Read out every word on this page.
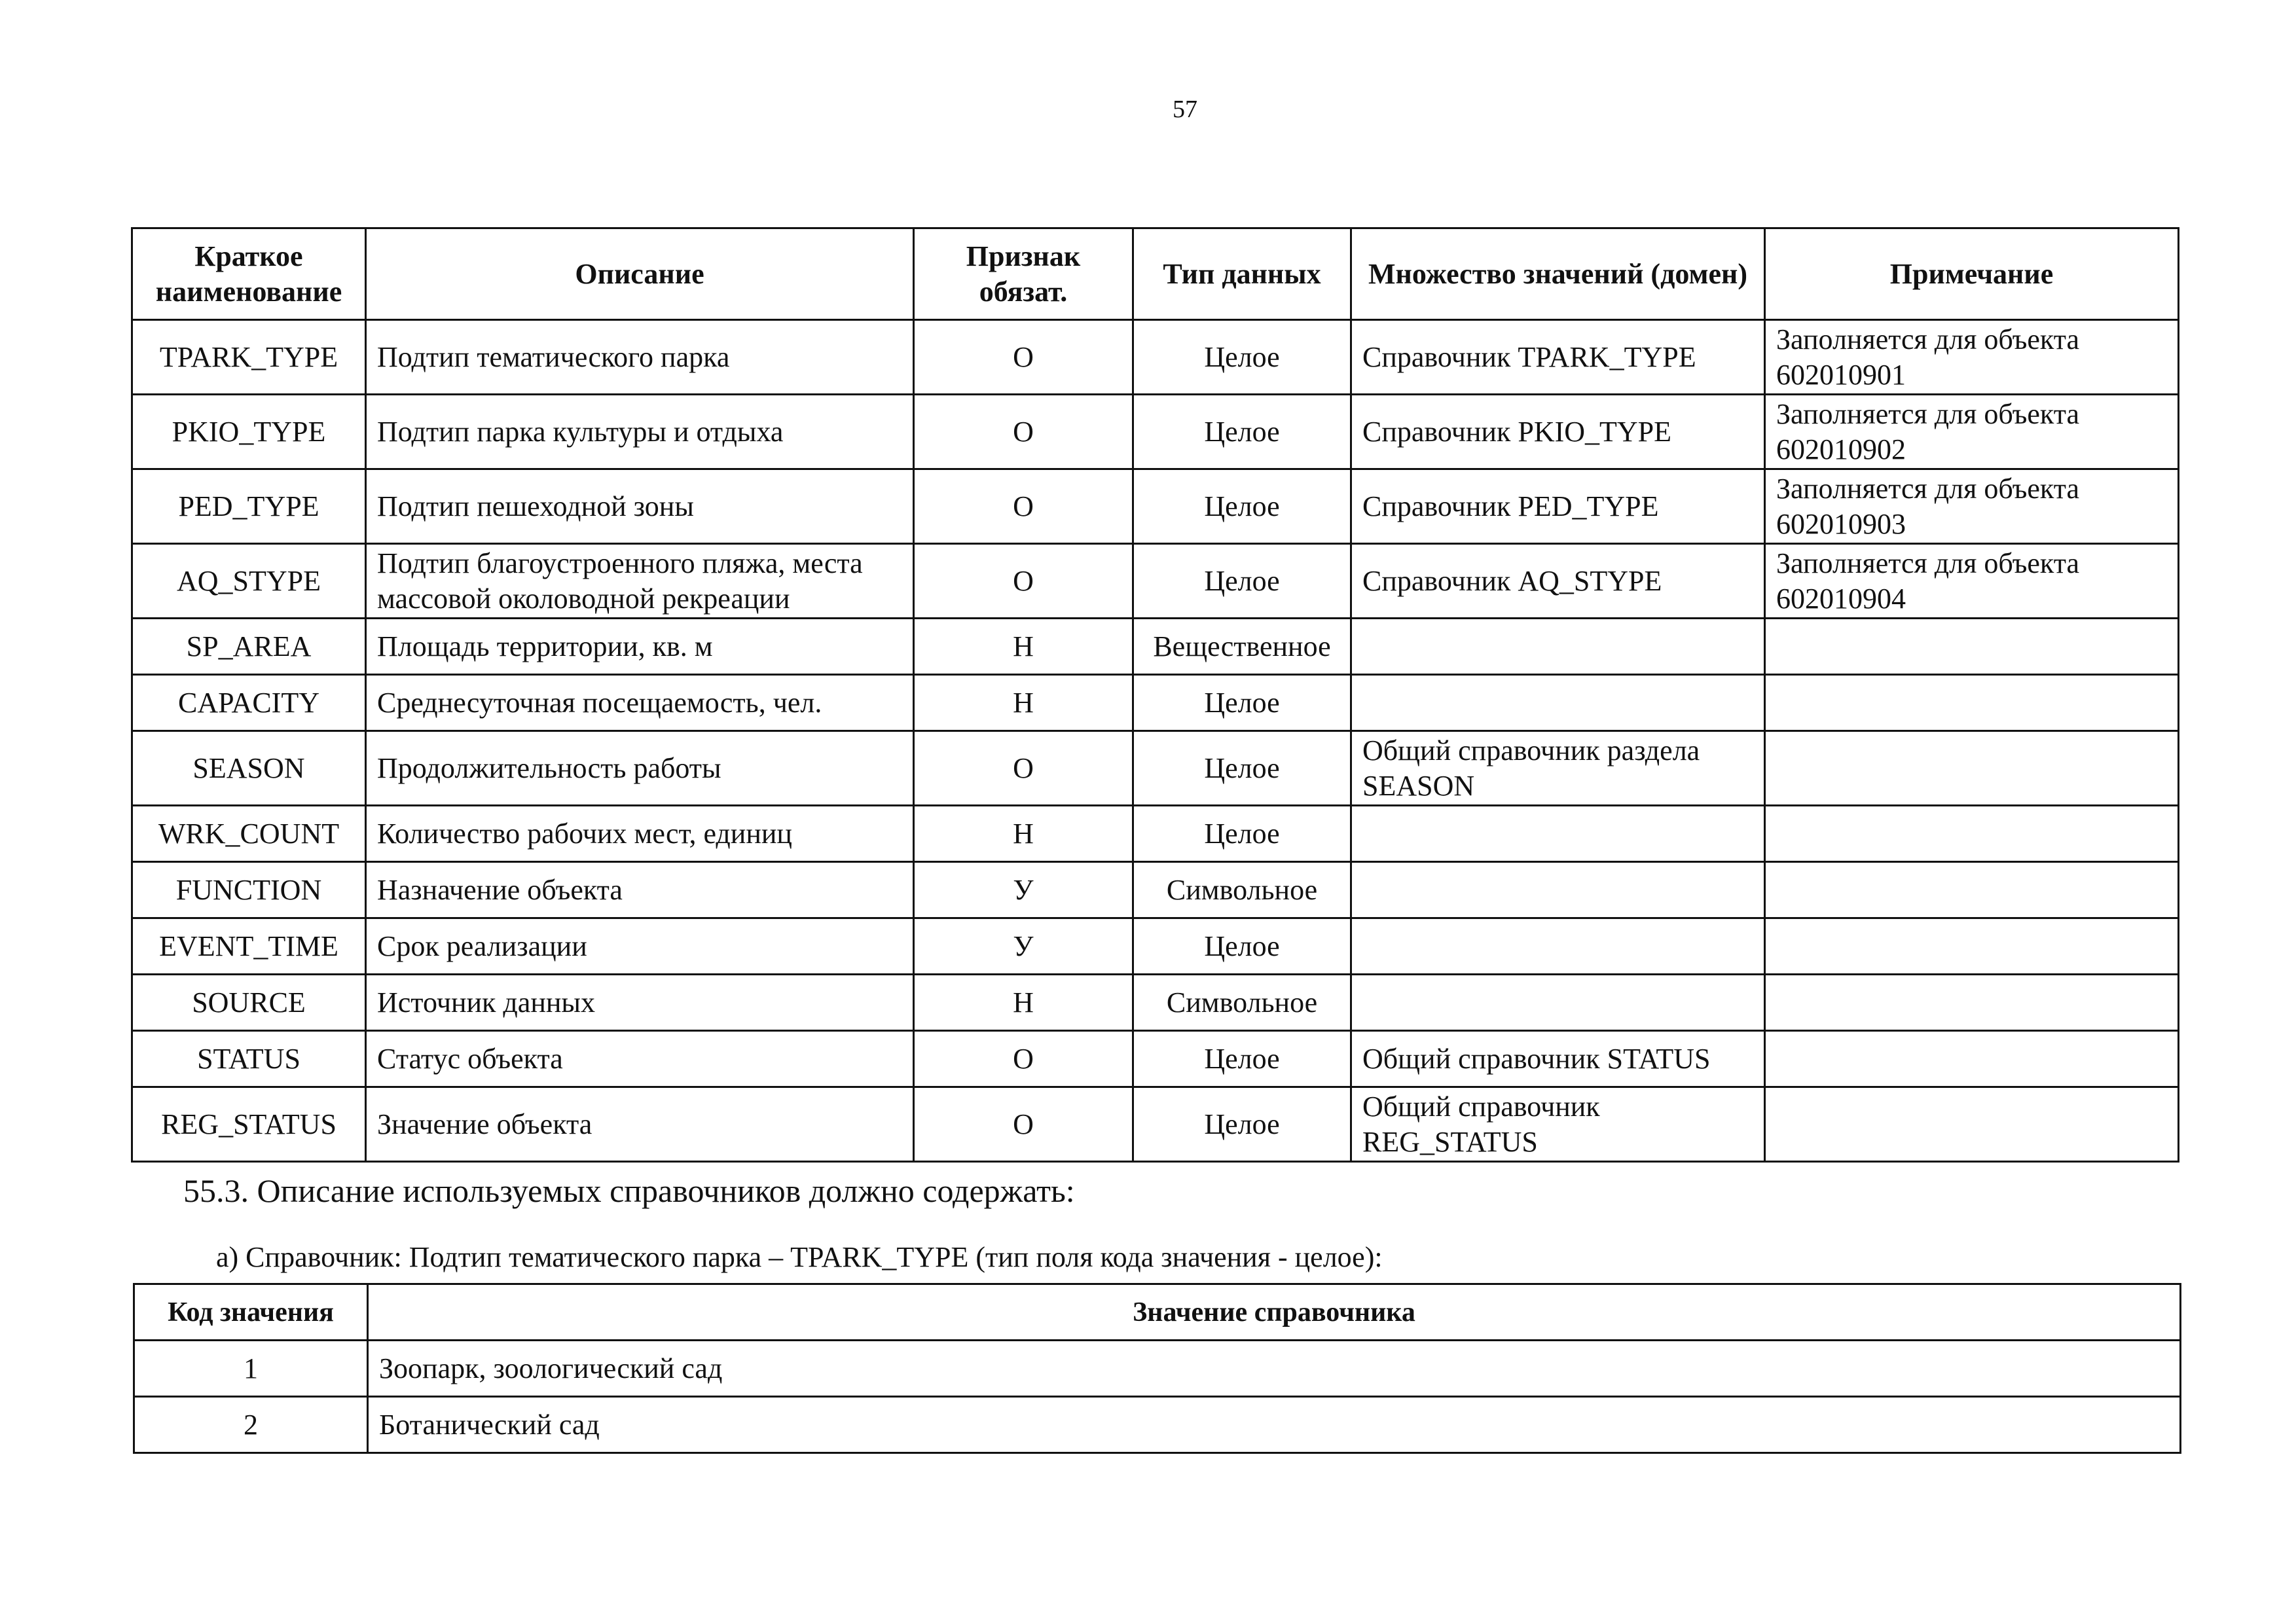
57
Краткое наименование	Описание	Признак обязат.	Тип данных	Множество значений (домен)	Примечание
TPARK_TYPE	Подтип тематического парка	О	Целое	Справочник TPARK_TYPE	Заполняется для объекта 602010901
PKIO_TYPE	Подтип парка культуры и отдыха	О	Целое	Справочник PKIO_TYPE	Заполняется для объекта 602010902
PED_TYPE	Подтип пешеходной зоны	О	Целое	Справочник PED_TYPE	Заполняется для объекта 602010903
AQ_STYPE	Подтип благоустроенного пляжа, места массовой околоводной рекреации	О	Целое	Справочник AQ_STYPE	Заполняется для объекта 602010904
SP_AREA	Площадь территории, кв. м	Н	Вещественное		
CAPACITY	Среднесуточная посещаемость, чел.	Н	Целое		
SEASON	Продолжительность работы	О	Целое	Общий справочник раздела SEASON	
WRK_COUNT	Количество рабочих мест, единиц	Н	Целое		
FUNCTION	Назначение объекта	У	Символьное		
EVENT_TIME	Срок реализации	У	Целое		
SOURCE	Источник данных	Н	Символьное		
STATUS	Статус объекта	О	Целое	Общий справочник STATUS	
REG_STATUS	Значение объекта	О	Целое	Общий справочник REG_STATUS	
55.3. Описание используемых справочников должно содержать:
а) Справочник: Подтип тематического парка – TPARK_TYPE (тип поля кода значения - целое):
Код значения	Значение справочника
1	Зоопарк, зоологический сад
2	Ботанический сад
